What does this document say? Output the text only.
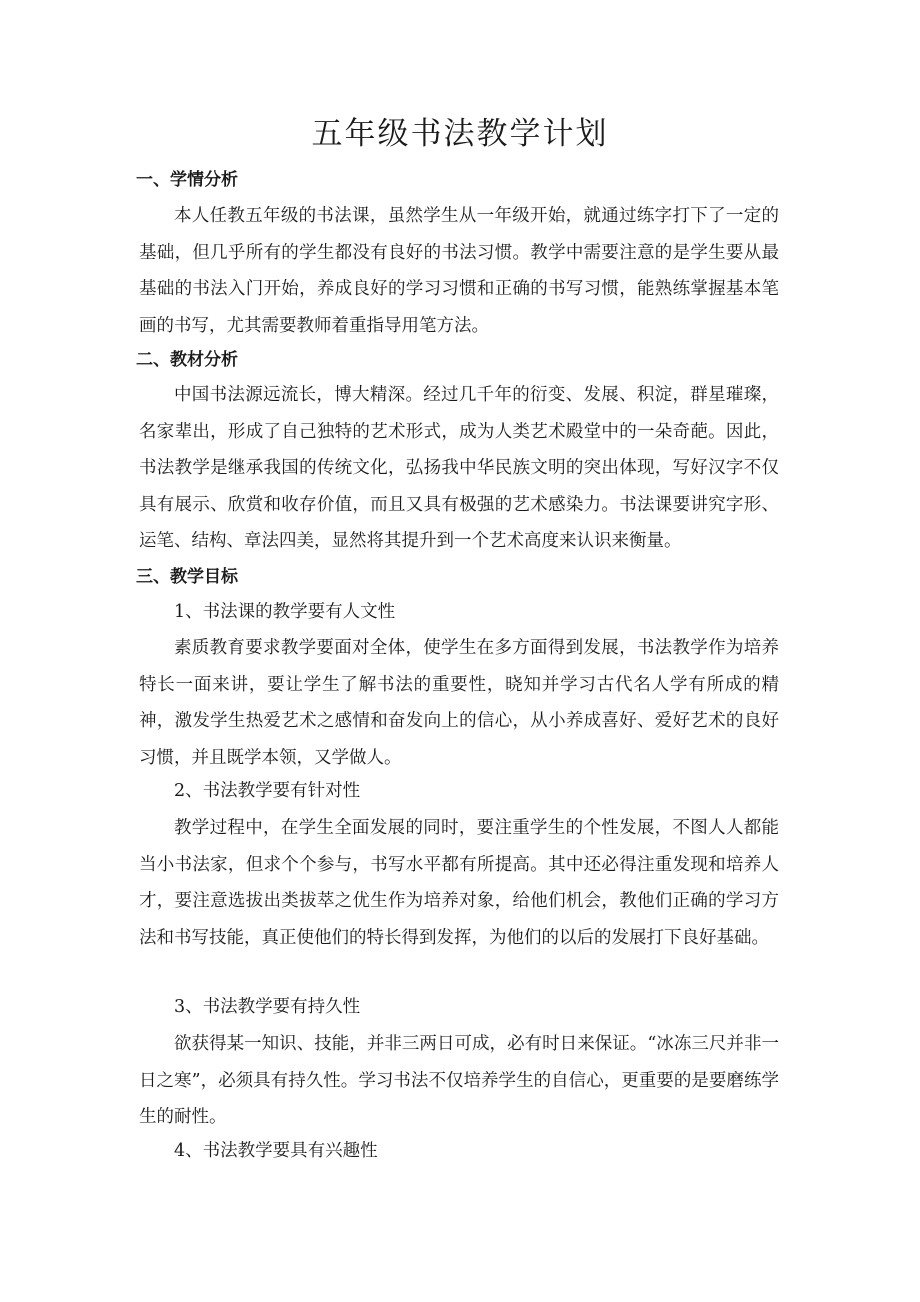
五年级书法教学计划
一、学情分析

本人任教五年级的书法课，虽然学生从一年级开始，就通过练字打下了一定的基础，但几乎所有的学生都没有良好的书法习惯。教学中需要注意的是学生要从最基础的书法入门开始，养成良好的学习习惯和正确的书写习惯，能熟练掌握基本笔画的书写，尤其需要教师着重指导用笔方法。

二、教材分析

中国书法源远流长，博大精深。经过几千年的衍变、发展、积淀，群星璀璨，名家辈出，形成了自己独特的艺术形式，成为人类艺术殿堂中的一朵奇葩。因此，书法教学是继承我国的传统文化，弘扬我中华民族文明的突出体现，写好汉字不仅具有展示、欣赏和收存价值，而且又具有极强的艺术感染力。书法课要讲究字形、运笔、结构、章法四美，显然将其提升到一个艺术高度来认识来衡量。

三、教学目标
1、书法课的教学要有人文性

素质教育要求教学要面对全体，使学生在多方面得到发展，书法教学作为培养特长一面来讲，要让学生了解书法的重要性，晓知并学习古代名人学有所成的精神，激发学生热爱艺术之感情和奋发向上的信心，从小养成喜好、爱好艺术的良好习惯，并且既学本领，又学做人。

2、书法教学要有针对性

教学过程中，在学生全面发展的同时，要注重学生的个性发展，不图人人都能当小书法家，但求个个参与，书写水平都有所提高。其中还必得注重发现和培养人才，要注意选拔出类拔萃之优生作为培养对象，给他们机会，教他们正确的学习方法和书写技能，真正使他们的特长得到发挥，为他们的以后的发展打下良好基础。

3、书法教学要有持久性

欲获得某一知识、技能，并非三两日可成，必有时日来保证。“冰冻三尺并非一日之寒”，必须具有持久性。学习书法不仅培养学生的自信心，更重要的是要磨练学生的耐性。

4、书法教学要具有兴趣性
